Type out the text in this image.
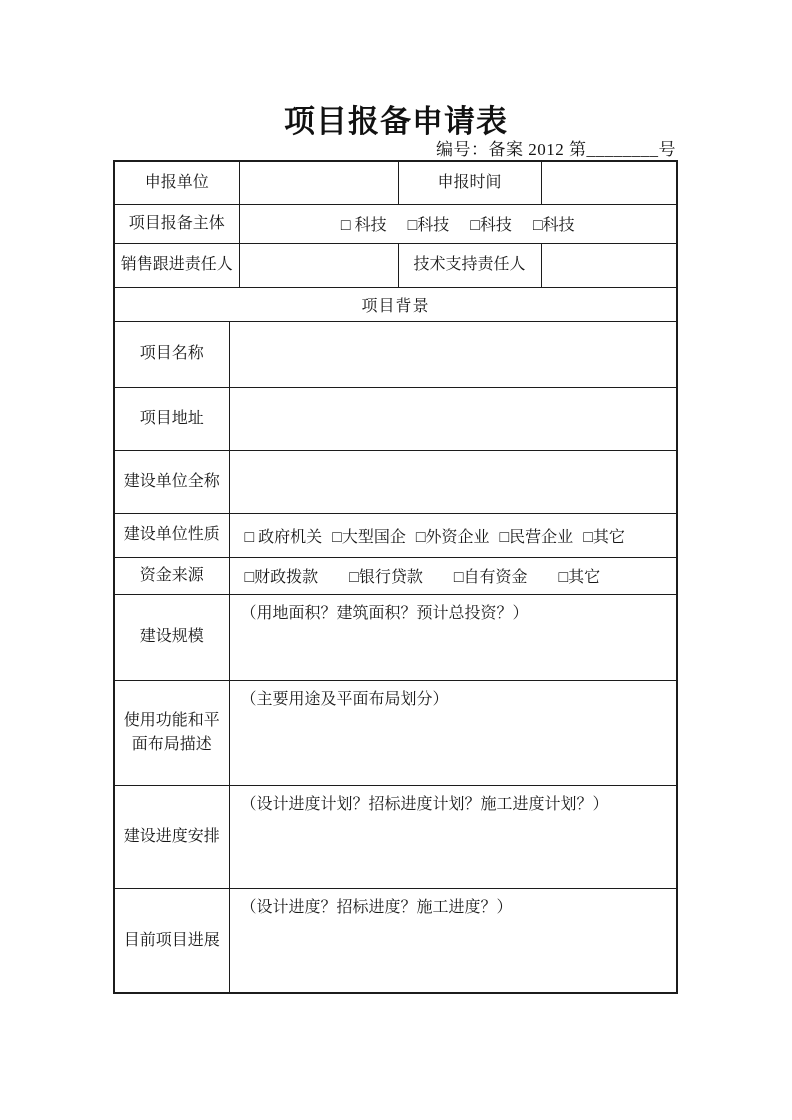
项目报备申请表
编号：备案 2012 第________号
申报单位			申报时间	
项目报备主体		□ 科技 □科技 □科技 □科技		

销售跟进责任人			技术支持责任人	
项目背景				
项目名称				
项目地址				
建设单位全称				
建设单位性质	□ 政府机关 □大型国企 □外资企业 □民营企业 □其它			

资金来源	□财政拨款 □银行贷款 □自有资金 □其它			

建设规模	（用地面积？建筑面积？预计总投资？）			
使用功能和平面布局描述	（主要用途及平面布局划分）			
建设进度安排	（设计进度计划？招标进度计划？施工进度计划？）			
目前项目进展	（设计进度？招标进度？施工进度？）			
